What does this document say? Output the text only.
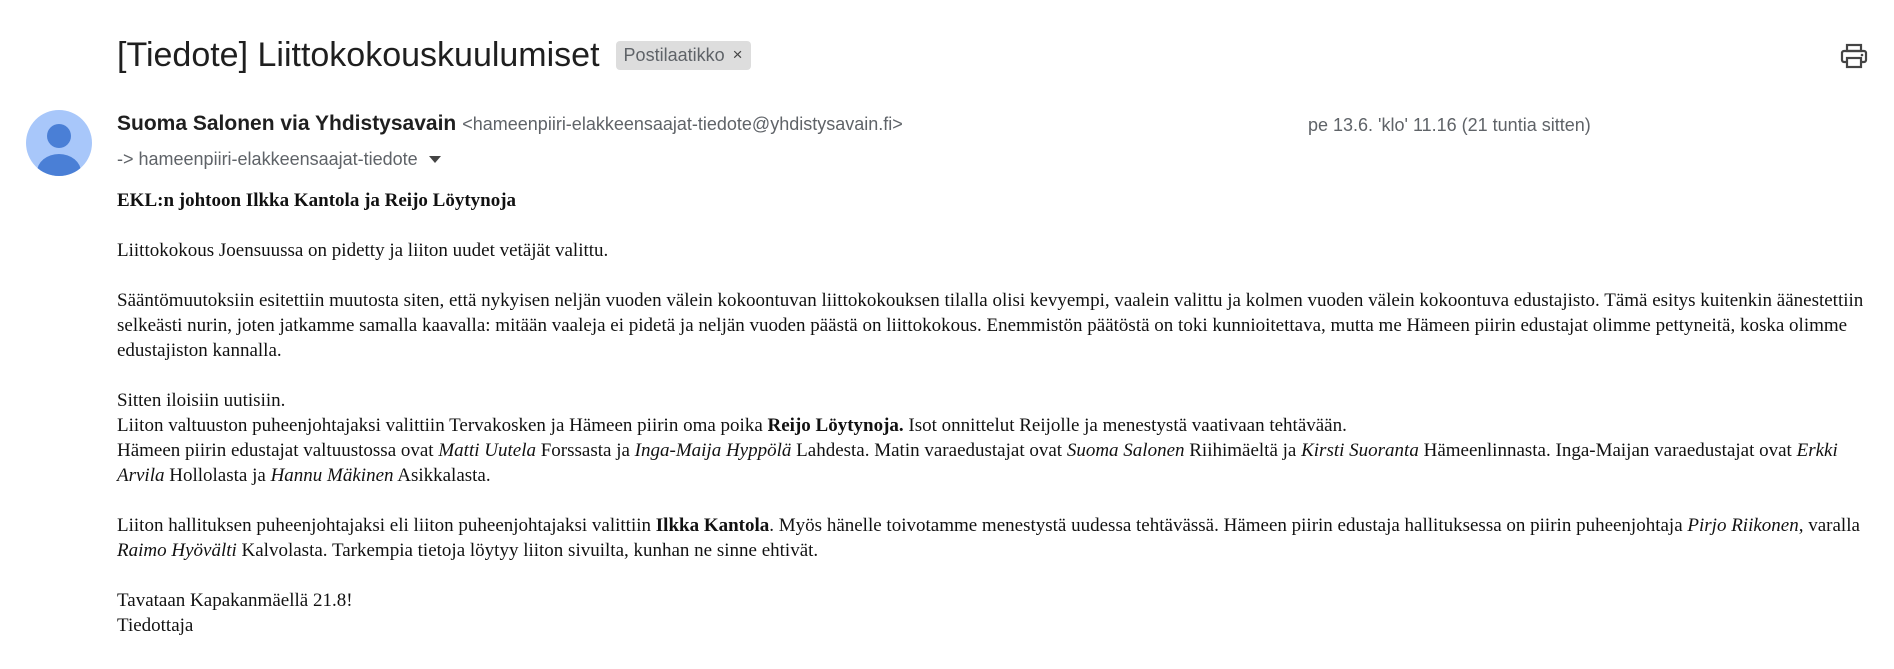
[Tiedote] Liittokokouskuulumiset Postilaatikko ×
Suoma Salonen via Yhdistysavain <hameenpiiri-elakkeensaajat-tiedote@yhdistysavain.fi>	pe 13.6. 'klo' 11.16 (21 tuntia sitten)
-> hameenpiiri-elakkeensaajat-tiedote

EKL:n johtoon Ilkka Kantola ja Reijo Löytynoja

Liittokokous Joensuussa on pidetty ja liiton uudet vetäjät valittu.

Sääntömuutoksiin esitettiin muutosta siten, että nykyisen neljän vuoden välein kokoontuvan liittokokouksen tilalla olisi kevyempi, vaalein valittu ja kolmen vuoden välein kokoontuva edustajisto. Tämä esitys kuitenkin äänestettiin selkeästi nurin, joten jatkamme samalla kaavalla: mitään vaaleja ei pidetä ja neljän vuoden päästä on liittokokous. Enemmistön päätöstä on toki kunnioitettava, mutta me Hämeen piirin edustajat olimme pettyneitä, koska olimme edustajiston kannalla.

Sitten iloisiin uutisiin.
Liiton valtuuston puheenjohtajaksi valittiin Tervakosken ja Hämeen piirin oma poika Reijo Löytynoja. Isot onnittelut Reijolle ja menestystä vaativaan tehtävään.
Hämeen piirin edustajat valtuustossa ovat Matti Uutela Forssasta ja Inga-Maija Hyppölä Lahdesta. Matin varaedustajat ovat Suoma Salonen Riihimäeltä ja Kirsti Suoranta Hämeenlinnasta. Inga-Maijan varaedustajat ovat Erkki Arvila Hollolasta ja Hannu Mäkinen Asikkalasta.

Liiton hallituksen puheenjohtajaksi eli liiton puheenjohtajaksi valittiin Ilkka Kantola. Myös hänelle toivotamme menestystä uudessa tehtävässä. Hämeen piirin edustaja hallituksessa on piirin puheenjohtaja Pirjo Riikonen, varalla Raimo Hyövälti Kalvolasta. Tarkempia tietoja löytyy liiton sivuilta, kunhan ne sinne ehtivät.

Tavataan Kapakanmäellä 21.8!
Tiedottaja
